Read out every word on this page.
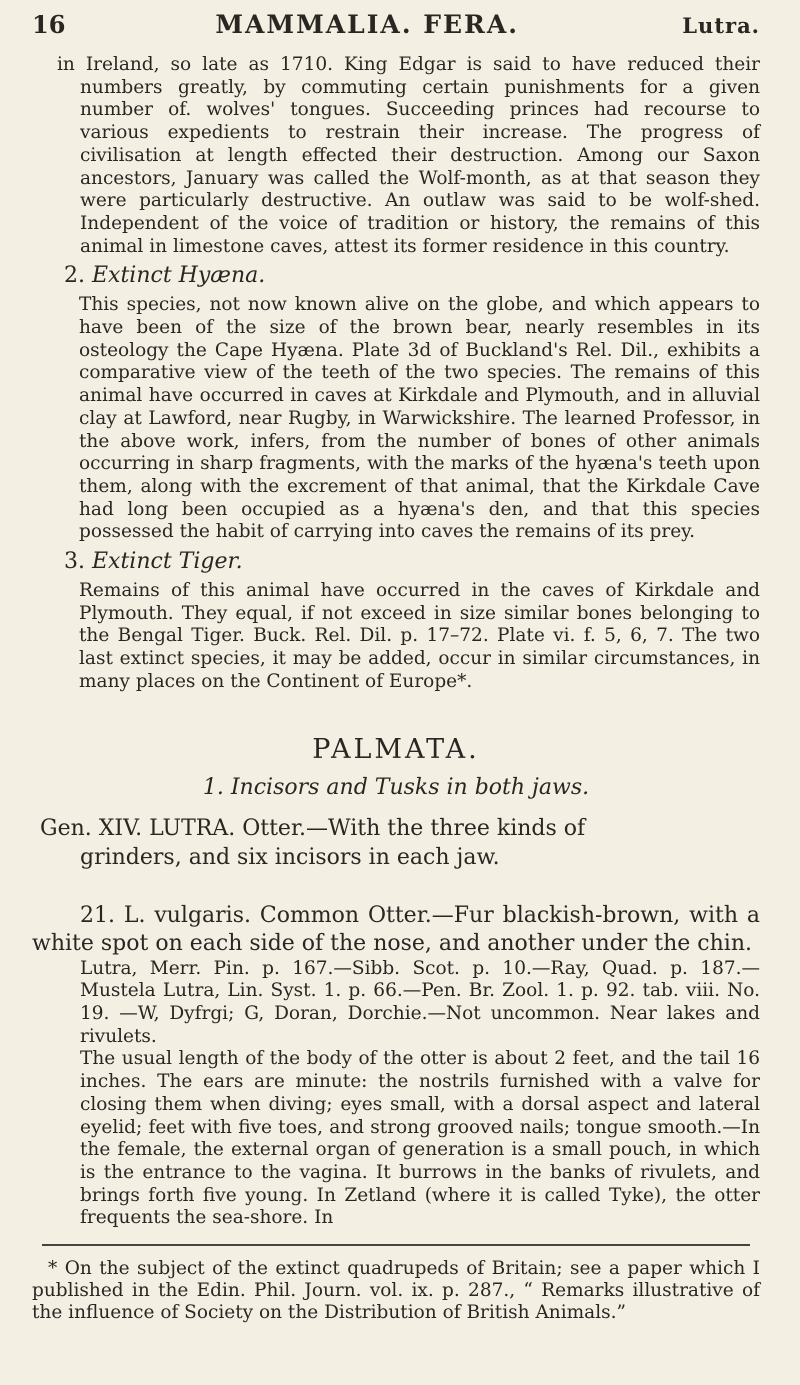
16	MAMMALIA. FERA.	Lutra.

in Ireland, so late as 1710. King Edgar is said to have reduced their numbers greatly, by commuting certain punishments for a given number of. wolves' tongues. Succeeding princes had recourse to various expedients to restrain their increase. The progress of civilisation at length effected their destruction. Among our Saxon ancestors, January was called the Wolf-month, as at that season they were particularly destructive. An outlaw was said to be wolf-shed. Independent of the voice of tradition or history, the remains of this animal in limestone caves, attest its former residence in this country.

2. Extinct Hyæna.

This species, not now known alive on the globe, and which appears to have been of the size of the brown bear, nearly resembles in its osteology the Cape Hyæna. Plate 3d of Buckland's Rel. Dil., exhibits a comparative view of the teeth of the two species. The remains of this animal have occurred in caves at Kirkdale and Plymouth, and in alluvial clay at Lawford, near Rugby, in Warwickshire. The learned Professor, in the above work, infers, from the number of bones of other animals occurring in sharp fragments, with the marks of the hyæna's teeth upon them, along with the excrement of that animal, that the Kirkdale Cave had long been occupied as a hyæna's den, and that this species possessed the habit of carrying into caves the remains of its prey.

3. Extinct Tiger.

Remains of this animal have occurred in the caves of Kirkdale and Plymouth. They equal, if not exceed in size similar bones belonging to the Bengal Tiger. Buck. Rel. Dil. p. 17–72. Plate vi. f. 5, 6, 7. The two last extinct species, it may be added, occur in similar circumstances, in many places on the Continent of Europe*.

PALMATA.
1. Incisors and Tusks in both jaws.

Gen. XIV. LUTRA. Otter.—With the three kinds of

grinders, and six incisors in each jaw.

21. L. vulgaris. Common Otter.—Fur blackish-brown, with a white spot on each side of the nose, and another under the chin.

Lutra, Merr. Pin. p. 167.—Sibb. Scot. p. 10.—Ray, Quad. p. 187.—Mustela Lutra, Lin. Syst. 1. p. 66.—Pen. Br. Zool. 1. p. 92. tab. viii. No. 19. —W, Dyfrgi; G, Doran, Dorchie.—Not uncommon. Near lakes and rivulets.

The usual length of the body of the otter is about 2 feet, and the tail 16 inches. The ears are minute: the nostrils furnished with a valve for closing them when diving; eyes small, with a dorsal aspect and lateral eyelid; feet with five toes, and strong grooved nails; tongue smooth.—In the female, the external organ of generation is a small pouch, in which is the entrance to the vagina. It burrows in the banks of rivulets, and brings forth five young. In Zetland (where it is called Tyke), the otter frequents the sea-shore. In

* On the subject of the extinct quadrupeds of Britain; see a paper which I published in the Edin. Phil. Journ. vol. ix. p. 287., “ Remarks illustrative of the influence of Society on the Distribution of British Animals.”
